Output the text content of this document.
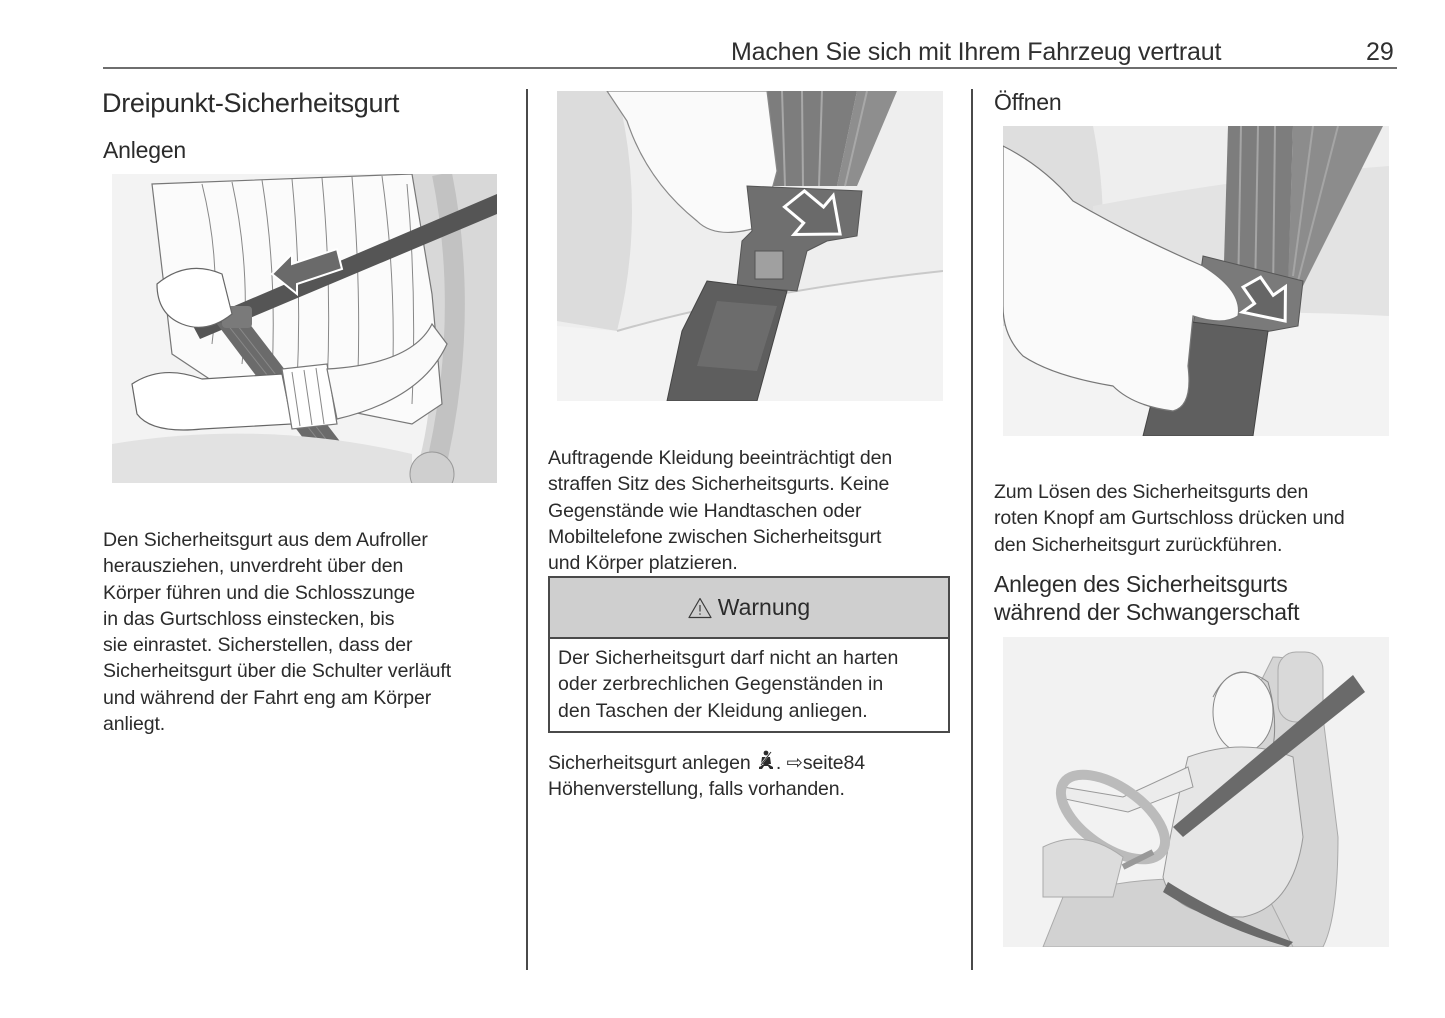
Machen Sie sich mit Ihrem Fahrzeug vertraut	29
Dreipunkt-Sicherheitsgurt
Anlegen

Den Sicherheitsgurt aus dem Aufroller

herausziehen, unverdreht über den

Körper führen und die Schlosszunge

in das Gurtschloss einstecken, bis

sie einrastet. Sicherstellen, dass der

Sicherheitsgurt über die Schulter verläuft

und während der Fahrt eng am Körper

anliegt.

Auftragende Kleidung beeinträchtigt den

straffen Sitz des Sicherheitsgurts. Keine

Gegenstände wie Handtaschen oder

Mobiltelefone zwischen Sicherheitsgurt

und Körper platzieren.

Warnung
Der Sicherheitsgurt darf nicht an harten
oder zerbrechlichen Gegenständen in
den Taschen der Kleidung anliegen.

Sicherheitsgurt anlegen . ⇨seite84

Höhenverstellung, falls vorhanden.

Öffnen

Zum Lösen des Sicherheitsgurts den

roten Knopf am Gurtschloss drücken und

den Sicherheitsgurt zurückführen.

Anlegen des Sicherheitsgurts
während der Schwangerschaft
